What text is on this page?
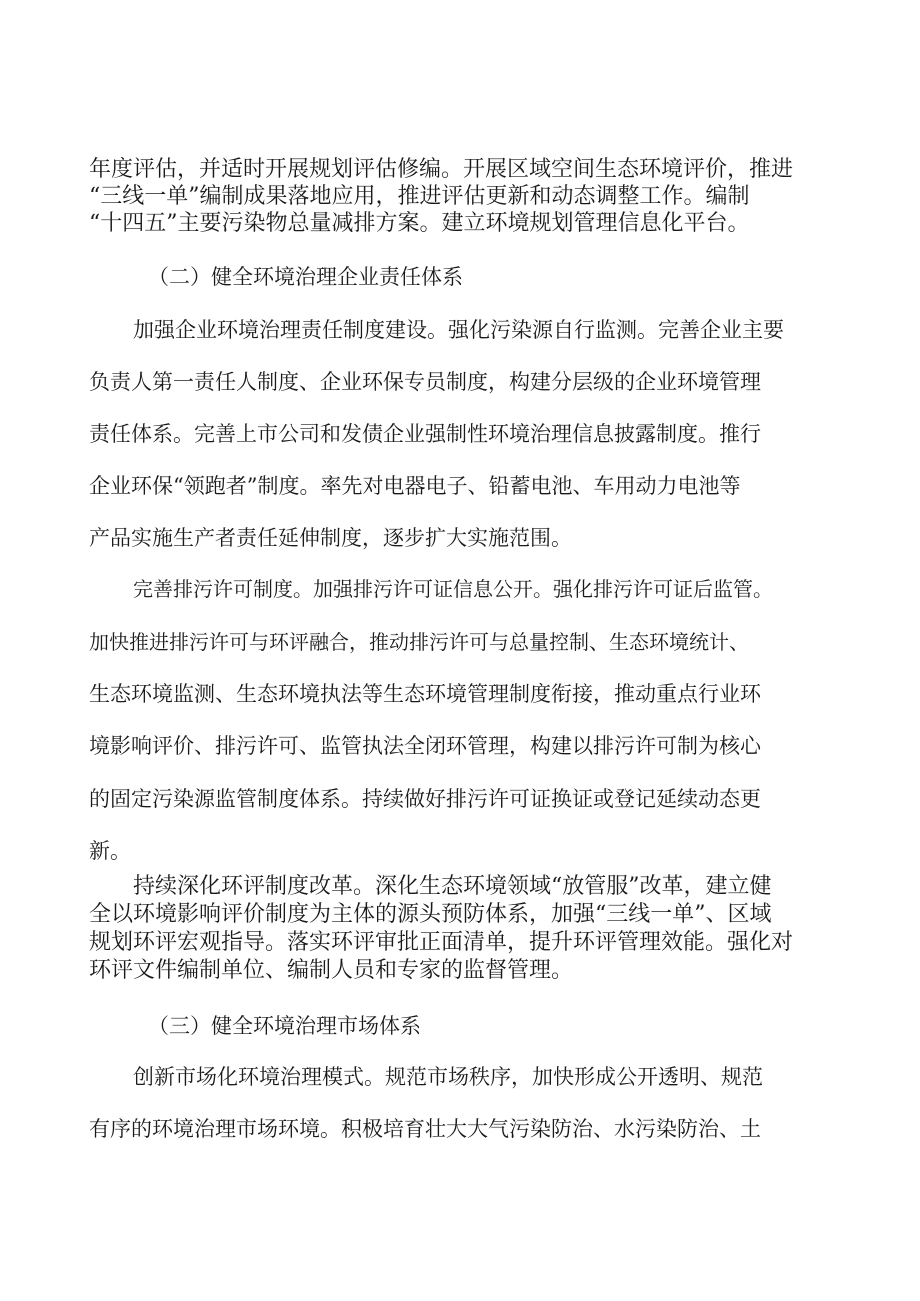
年度评估，并适时开展规划评估修编。开展区域空间生态环境评价，推进

“三线一单”编制成果落地应用，推进评估更新和动态调整工作。编制

“十四五”主要污染物总量减排方案。建立环境规划管理信息化平台。

（二）健全环境治理企业责任体系

加强企业环境治理责任制度建设。强化污染源自行监测。完善企业主要

负责人第一责任人制度、企业环保专员制度，构建分层级的企业环境管理

责任体系。完善上市公司和发债企业强制性环境治理信息披露制度。推行

企业环保“领跑者”制度。率先对电器电子、铅蓄电池、车用动力电池等

产品实施生产者责任延伸制度，逐步扩大实施范围。

完善排污许可制度。加强排污许可证信息公开。强化排污许可证后监管。

加快推进排污许可与环评融合，推动排污许可与总量控制、生态环境统计、

生态环境监测、生态环境执法等生态环境管理制度衔接，推动重点行业环

境影响评价、排污许可、监管执法全闭环管理，构建以排污许可制为核心

的固定污染源监管制度体系。持续做好排污许可证换证或登记延续动态更

新。

持续深化环评制度改革。深化生态环境领域“放管服”改革，建立健

全以环境影响评价制度为主体的源头预防体系，加强“三线一单”、区域

规划环评宏观指导。落实环评审批正面清单，提升环评管理效能。强化对

环评文件编制单位、编制人员和专家的监督管理。

（三）健全环境治理市场体系

创新市场化环境治理模式。规范市场秩序，加快形成公开透明、规范

有序的环境治理市场环境。积极培育壮大大气污染防治、水污染防治、土
